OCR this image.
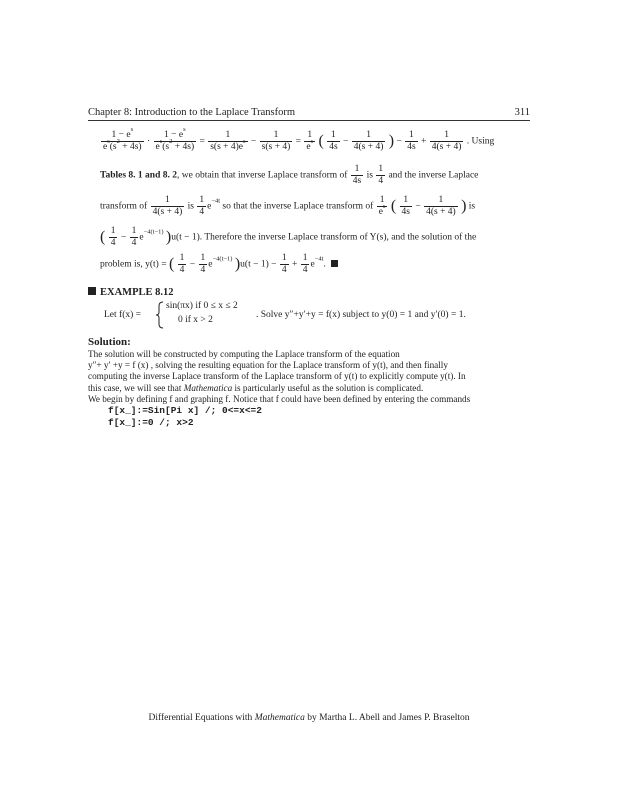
Chapter 8: Introduction to the Laplace Transform	311
$\frac{1 - e^s}{e^s(s^2 + 4s)} \cdot \frac{1 - e^s}{e^s(s^2 + 4s)} = \frac{1}{s(s + 4)e^s} - \frac{1}{s(s + 4)} = \frac{1}{e^s}$ ( $\frac{1}{4s} - \frac{1}{4(s + 4)}$ ) − $\frac{1}{4s} + \frac{1}{4(s + 4)}$ . Using
Tables 8. 1 and 8. 2, we obtain that inverse Laplace transform of $\frac{1}{4s}$ is $\frac{1}{4}$ and the inverse Laplace
transform of $\frac{1}{4(s + 4)}$ is $\frac{1}{4} e^{-4t}$ so that the inverse Laplace transform of $\frac{1}{e^s}$ ( $\frac{1}{4s} - \frac{1}{4(s + 4)}$ ) is
( $\frac{1}{4} - \frac{1}{4} e^{-4(t-1)}$ )u(t − 1). Therefore the inverse Laplace transform of Y(s), and the solution of the
problem is, y(t) = ( $\frac{1}{4} - \frac{1}{4} e^{-4(t-1)}$ )$u(t - 1) - \frac{1}{4} + \frac{1}{4} e^{-4t}$.
EXAMPLE 8.12
Let f(x) =
sin(πx) if 0 ≤ x ≤ 2
0 if x > 2	. Solve y″+y′+y = f(x) subject to y(0) = 1 and y′(0) = 1.
Solution:

The solution will be constructed by computing the Laplace transform of the equation

y″+ y′ +y = f (x) , solving the resulting equation for the Laplace transform of y(t), and then finally

computing the inverse Laplace transform of the Laplace transform of y(t) to explicitly compute y(t). In

this case, we will see that Mathematica is particularly useful as the solution is complicated.

We begin by defining f and graphing f. Notice that f could have been defined by entering the commands

f[x_]:=Sin[Pi x] /; 0<=x<=2
f[x_]:=0 /; x>2
Differential Equations with Mathematica by Martha L. Abell and James P. Braselton
